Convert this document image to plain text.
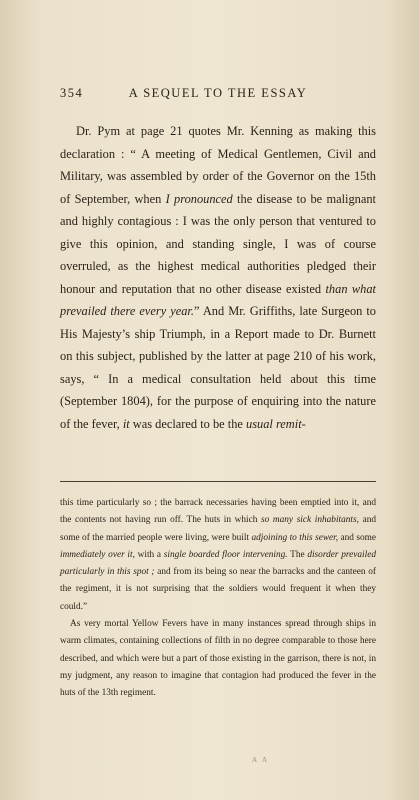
354	A SEQUEL TO THE ESSAY

Dr. Pym at page 21 quotes Mr. Kenning as making this declaration : “ A meeting of Medical Gentlemen, Civil and Military, was assembled by order of the Governor on the 15th of September, when I pronounced the disease to be malignant and highly contagious : I was the only person that ventured to give this opinion, and standing single, I was of course overruled, as the highest medical authorities pledged their honour and reputation that no other disease existed than what prevailed there every year.” And Mr. Griffiths, late Surgeon to His Majesty’s ship Triumph, in a Report made to Dr. Burnett on this subject, published by the latter at page 210 of his work, says, “ In a medical consultation held about this time (September 1804), for the purpose of enquiring into the nature of the fever, it was declared to be the usual remit-

this time particularly so ; the barrack necessaries having been emptied into it, and the contents not having run off. The huts in which so many sick inhabitants, and some of the married people were living, were built adjoining to this sewer, and some immediately over it, with a single boarded floor intervening. The disorder prevailed particularly in this spot ; and from its being so near the barracks and the canteen of the regiment, it is not surprising that the soldiers would frequent it when they could.”

As very mortal Yellow Fevers have in many instances spread through ships in warm climates, containing collections of filth in no degree comparable to those here described, and which were but a part of those existing in the garrison, there is not, in my judgment, any reason to imagine that contagion had produced the fever in the huts of the 13th regiment.

A A
